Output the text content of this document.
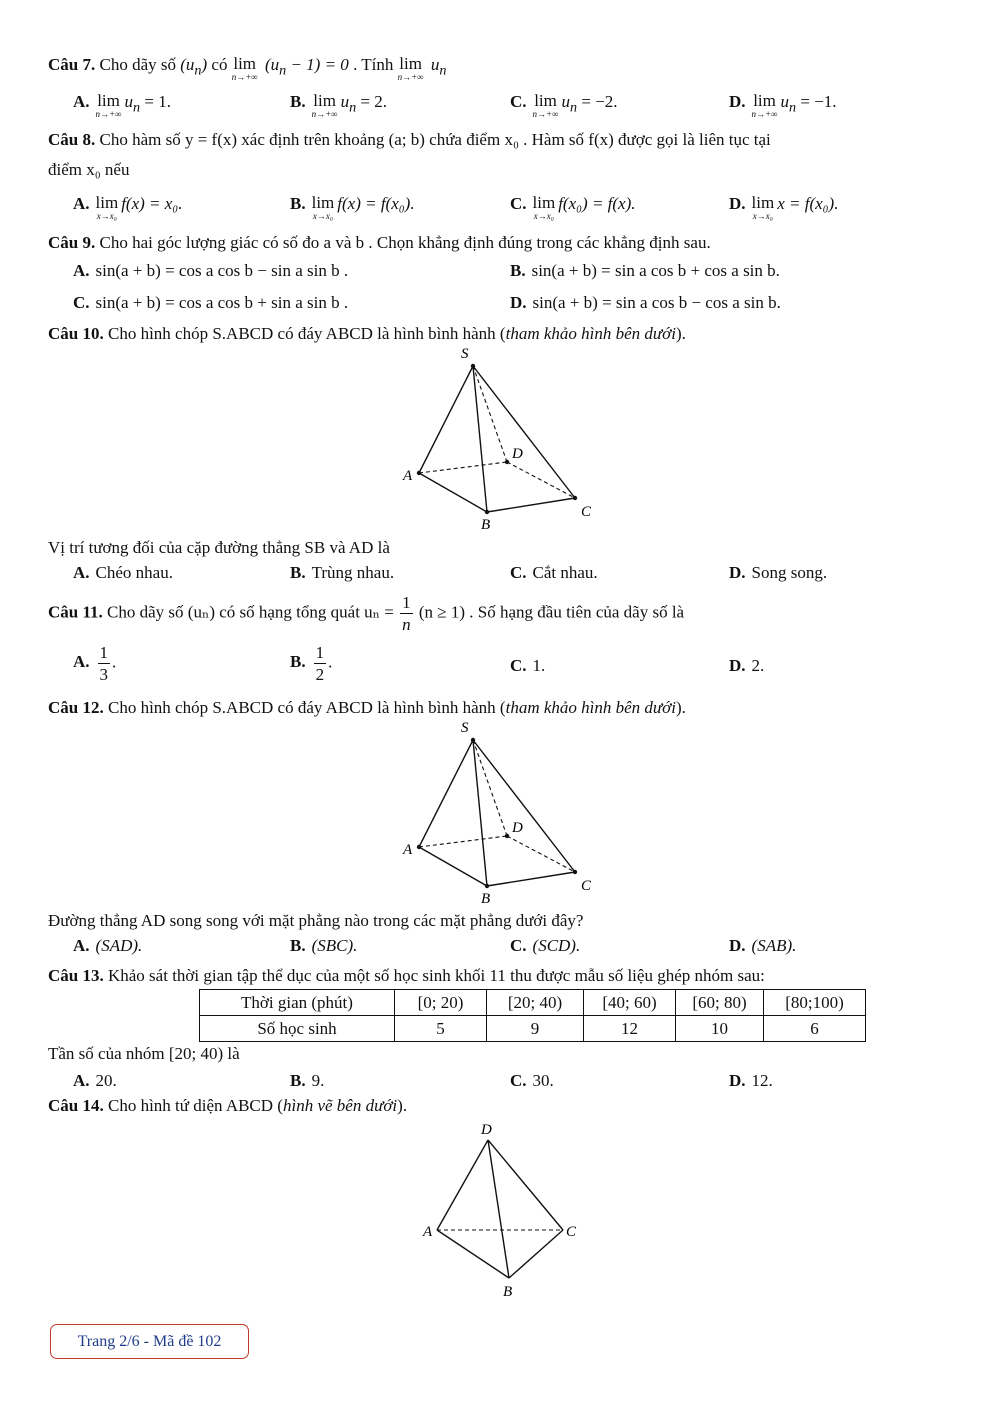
Câu 7. Cho dãy số $(u_n)$ có lim
n→+∞
$(u_n - 1) = 0$ . Tính lim
n→+∞
$u_n$
A. lim
n→+∞
$u_n = 1$.	B. lim
n→+∞
$u_n = 2$.	C. lim
n→+∞
$u_n = -2$.	D. lim
n→+∞
$u_n = -1$.
Câu 8. Cho hàm số y = f(x) xác định trên khoảng (a; b) chứa điểm x₀ . Hàm số f(x) được gọi là liên tục tại
điểm x₀ nếu
A. lim
x→x₀
f(x) = x₀.	B. lim
x→x₀
f(x) = f(x₀).	C. lim
x→x₀
f(x₀) = f(x).	D. lim
x→x₀
x = f(x₀).
Câu 9. Cho hai góc lượng giác có số đo a và b . Chọn khẳng định đúng trong các khẳng định sau.
A. sin(a + b) = cos a cos b − sin a sin b .	B. sin(a + b) = sin a cos b + cos a sin b.
C. sin(a + b) = cos a cos b + sin a sin b .	D. sin(a + b) = sin a cos b − cos a sin b.
Câu 10. Cho hình chóp S.ABCD có đáy ABCD là hình bình hành (tham khảo hình bên dưới).
S
A
B
C
D
Vị trí tương đối của cặp đường thẳng SB và AD là
A. Chéo nhau.	B. Trùng nhau.	C. Cắt nhau.	D. Song song.
Câu 11. Cho dãy số (uₙ) có số hạng tổng quát $u_n = \frac{1}{n} (n \ge 1)$ . Số hạng đầu tiên của dãy số là
A. $\frac{1}{3}$ .	B. $\frac{1}{2}$ .	C. 1.	D. 2.
Câu 12. Cho hình chóp S.ABCD có đáy ABCD là hình bình hành (tham khảo hình bên dưới).
S
A
B
C
D
Đường thẳng AD song song với mặt phẳng nào trong các mặt phẳng dưới đây?
A. (SAD).	B. (SBC).	C. (SCD).	D. (SAB).
Câu 13. Khảo sát thời gian tập thể dục của một số học sinh khối 11 thu được mẫu số liệu ghép nhóm sau:
Thời gian (phút)	[0; 20)	[20; 40)	[40; 60)	[60; 80)	[80;100)
Số học sinh	5	9	12	10	6
Tần số của nhóm [20; 40) là
A. 20.	B. 9.	C. 30.	D. 12.
Câu 14. Cho hình tứ diện ABCD (hình vẽ bên dưới).
D
A
B
C
Trang 2/6 - Mã đề 102
